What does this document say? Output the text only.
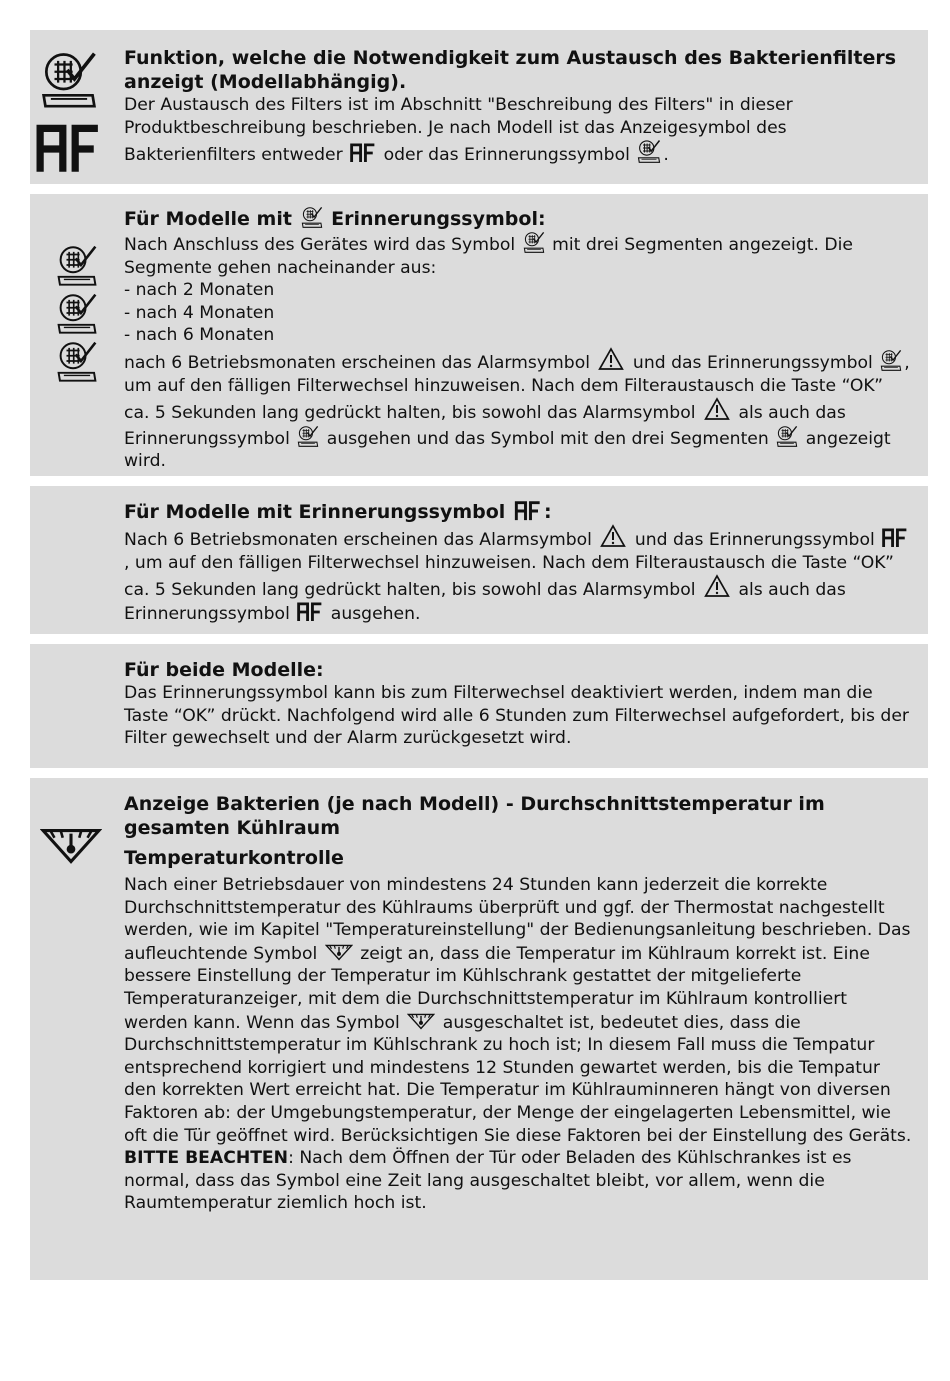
Funktion, welche die Notwendigkeit zum Austausch des Bakterienfilters anzeigt (Modellabhängig).

Der Austausch des Filters ist im Abschnitt "Beschreibung des Filters" in dieser Produktbeschreibung beschrieben. Je nach Modell ist das Anzeigesymbol des Bakterienfilters entweder oder das Erinnerungssymbol .

Für Modelle mit Erinnerungssymbol:

Nach Anschluss des Gerätes wird das Symbol mit drei Segmenten angezeigt. Die Segmente gehen nacheinander aus:

- nach 2 Monaten
- nach 4 Monaten
- nach 6 Monaten

nach 6 Betriebsmonaten erscheinen das Alarmsymbol und das Erinnerungssymbol , um auf den fälligen Filterwechsel hinzuweisen. Nach dem Filteraustausch die Taste “OK” ca. 5 Sekunden lang gedrückt halten, bis sowohl das Alarmsymbol als auch das Erinnerungssymbol ausgehen und das Symbol mit den drei Segmenten angezeigt wird.

Für Modelle mit Erinnerungssymbol :

Nach 6 Betriebsmonaten erscheinen das Alarmsymbol und das Erinnerungssymbol , um auf den fälligen Filterwechsel hinzuweisen. Nach dem Filteraustausch die Taste “OK” ca. 5 Sekunden lang gedrückt halten, bis sowohl das Alarmsymbol als auch das Erinnerungssymbol ausgehen.

Für beide Modelle:

Das Erinnerungssymbol kann bis zum Filterwechsel deaktiviert werden, indem man die Taste “OK” drückt. Nachfolgend wird alle 6 Stunden zum Filterwechsel aufgefordert, bis der Filter gewechselt und der Alarm zurückgesetzt wird.

Anzeige Bakterien (je nach Modell) - Durchschnittstemperatur im gesamten Kühlraum

Temperaturkontrolle

Nach einer Betriebsdauer von mindestens 24 Stunden kann jederzeit die korrekte Durchschnittstemperatur des Kühlraums überprüft und ggf. der Thermostat nachgestellt werden, wie im Kapitel "Temperatureinstellung" der Bedienungsanleitung beschrieben. Das aufleuchtende Symbol zeigt an, dass die Temperatur im Kühlraum korrekt ist. Eine bessere Einstellung der Temperatur im Kühlschrank gestattet der mitgelieferte Temperaturanzeiger, mit dem die Durchschnittstemperatur im Kühlraum kontrolliert werden kann. Wenn das Symbol ausgeschaltet ist, bedeutet dies, dass die Durchschnittstemperatur im Kühlschrank zu hoch ist; In diesem Fall muss die Tempatur entsprechend korrigiert und mindestens 12 Stunden gewartet werden, bis die Tempatur den korrekten Wert erreicht hat. Die Temperatur im Kühlrauminneren hängt von diversen Faktoren ab: der Umgebungstemperatur, der Menge der eingelagerten Lebensmittel, wie oft die Tür geöffnet wird. Berücksichtigen Sie diese Faktoren bei der Einstellung des Geräts.

BITTE BEACHTEN: Nach dem Öffnen der Tür oder Beladen des Kühlschrankes ist es normal, dass das Symbol eine Zeit lang ausgeschaltet bleibt, vor allem, wenn die Raumtemperatur ziemlich hoch ist.
